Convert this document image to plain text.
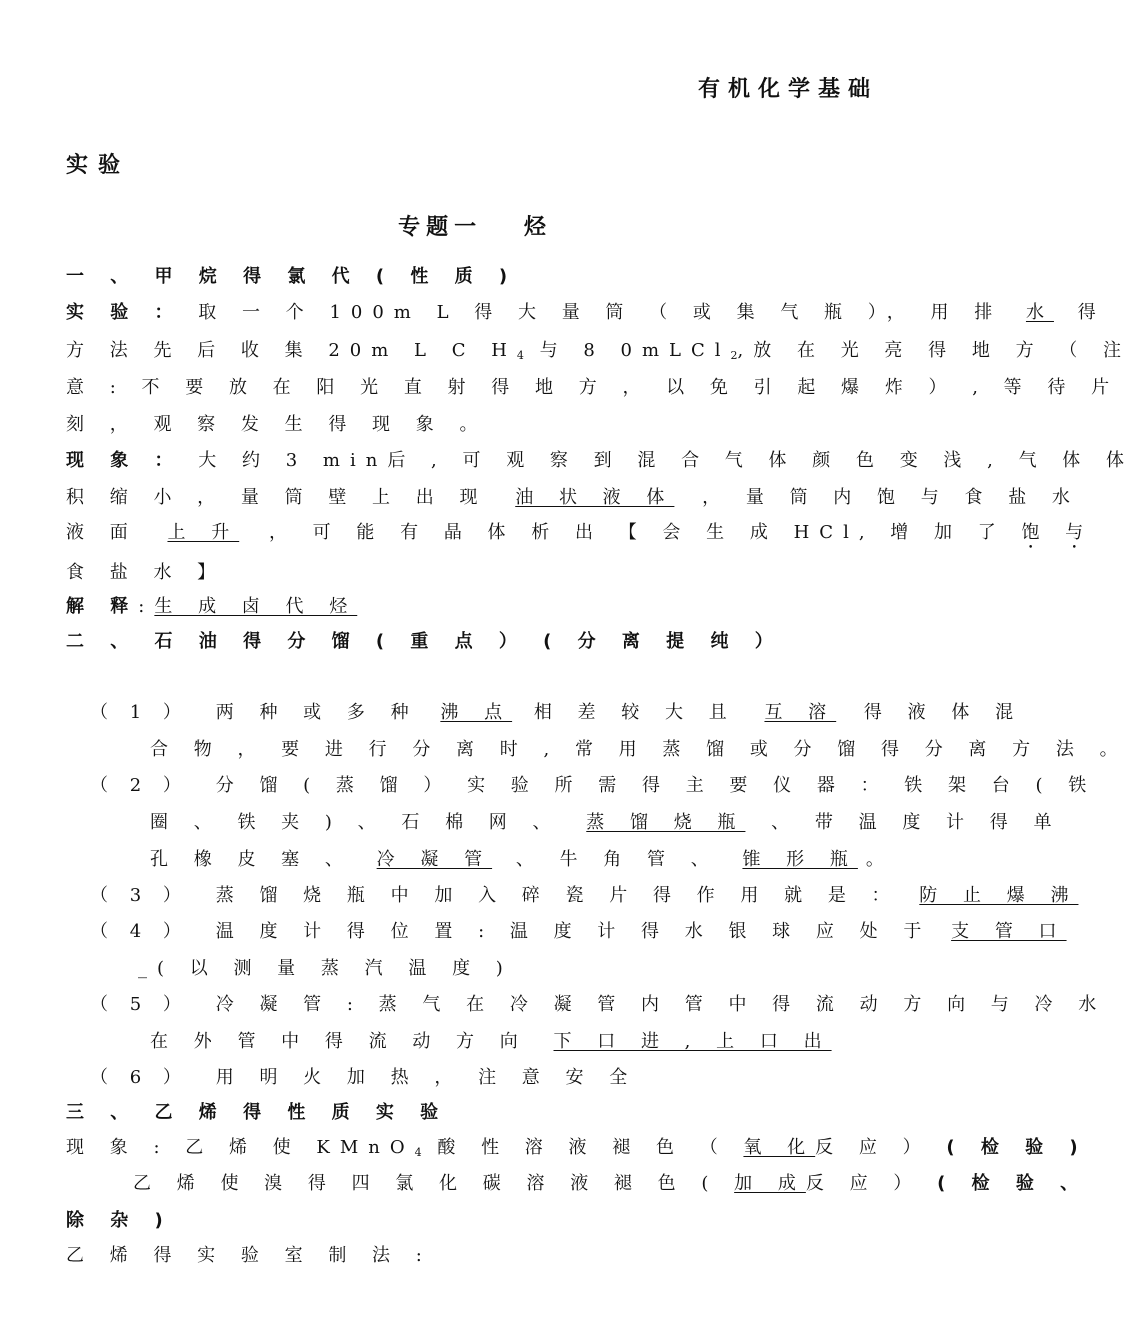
有机化学基础
实验
专题一　 烃
一 、 甲 烷 得 氯 代 ( 性 质 )
实 验 ： 取 一 个 100m L 得 大 量 筒 （ 或 集 气 瓶 ）， 用 排 水 得
方 法 先 后 收 集 20m L C $H_4$ 与 8 0mLCl$_2$,放 在 光 亮 得 地 方 （ 注
意 : 不 要 放 在 阳 光 直 射 得 地 方 ， 以 免 引 起 爆 炸 ） , 等 待 片
刻 ， 观 察 发 生 得 现 象 。
现 象 ： 大 约 3 min后 , 可 观 察 到 混 合 气 体 颜 色 变 浅 , 气 体 体
积 缩 小 ， 量 筒 壁 上 出 现 油 状 液 体 ， 量 筒 内 饱 与 食 盐 水
液 面 上 升 ， 可 能 有 晶 体 析 出 【 会 生 成 HCl, 增 加 了 饱 与
食 盐 水 】
解 释:生 成 卤 代 烃
二 、 石 油 得 分 馏 ( 重 点 ） ( 分 离 提 纯 ）
（ 1 ） 两 种 或 多 种 沸 点 相 差 较 大 且 互 溶 得 液 体 混
合 物 ， 要 进 行 分 离 时 , 常 用 蒸 馏 或 分 馏 得 分 离 方 法 。
（ 2 ） 分 馏 ( 蒸 馏 ） 实 验 所 需 得 主 要 仪 器 ： 铁 架 台 ( 铁
圈 、 铁 夹 ) 、 石 棉 网 、 蒸 馏 烧 瓶 、 带 温 度 计 得 单
孔 橡 皮 塞 、 冷 凝 管 、 牛 角 管 、 锥 形 瓶 。
（ 3 ） 蒸 馏 烧 瓶 中 加 入 碎 瓷 片 得 作 用 就 是 ： 防 止 爆 沸
（ 4 ） 温 度 计 得 位 置 : 温 度 计 得 水 银 球 应 处 于 支 管 口
_( 以 测 量 蒸 汽 温 度 )
（ 5 ） 冷 凝 管 : 蒸 气 在 冷 凝 管 内 管 中 得 流 动 方 向 与 冷 水
在 外 管 中 得 流 动 方 向 下 口 进 , 上 口 出
（ 6 ） 用 明 火 加 热 ， 注 意 安 全
三 、 乙 烯 得 性 质 实 验
现 象 : 乙 烯 使 KMnO$_4$ 酸 性 溶 液 褪 色 （ 氧 化反 应 ） ( 检 验 )
乙 烯 使 溴 得 四 氯 化 碳 溶 液 褪 色 ( 加 成反 应 ） ( 检 验 、
除 杂 )
乙 烯 得 实 验 室 制 法 :
